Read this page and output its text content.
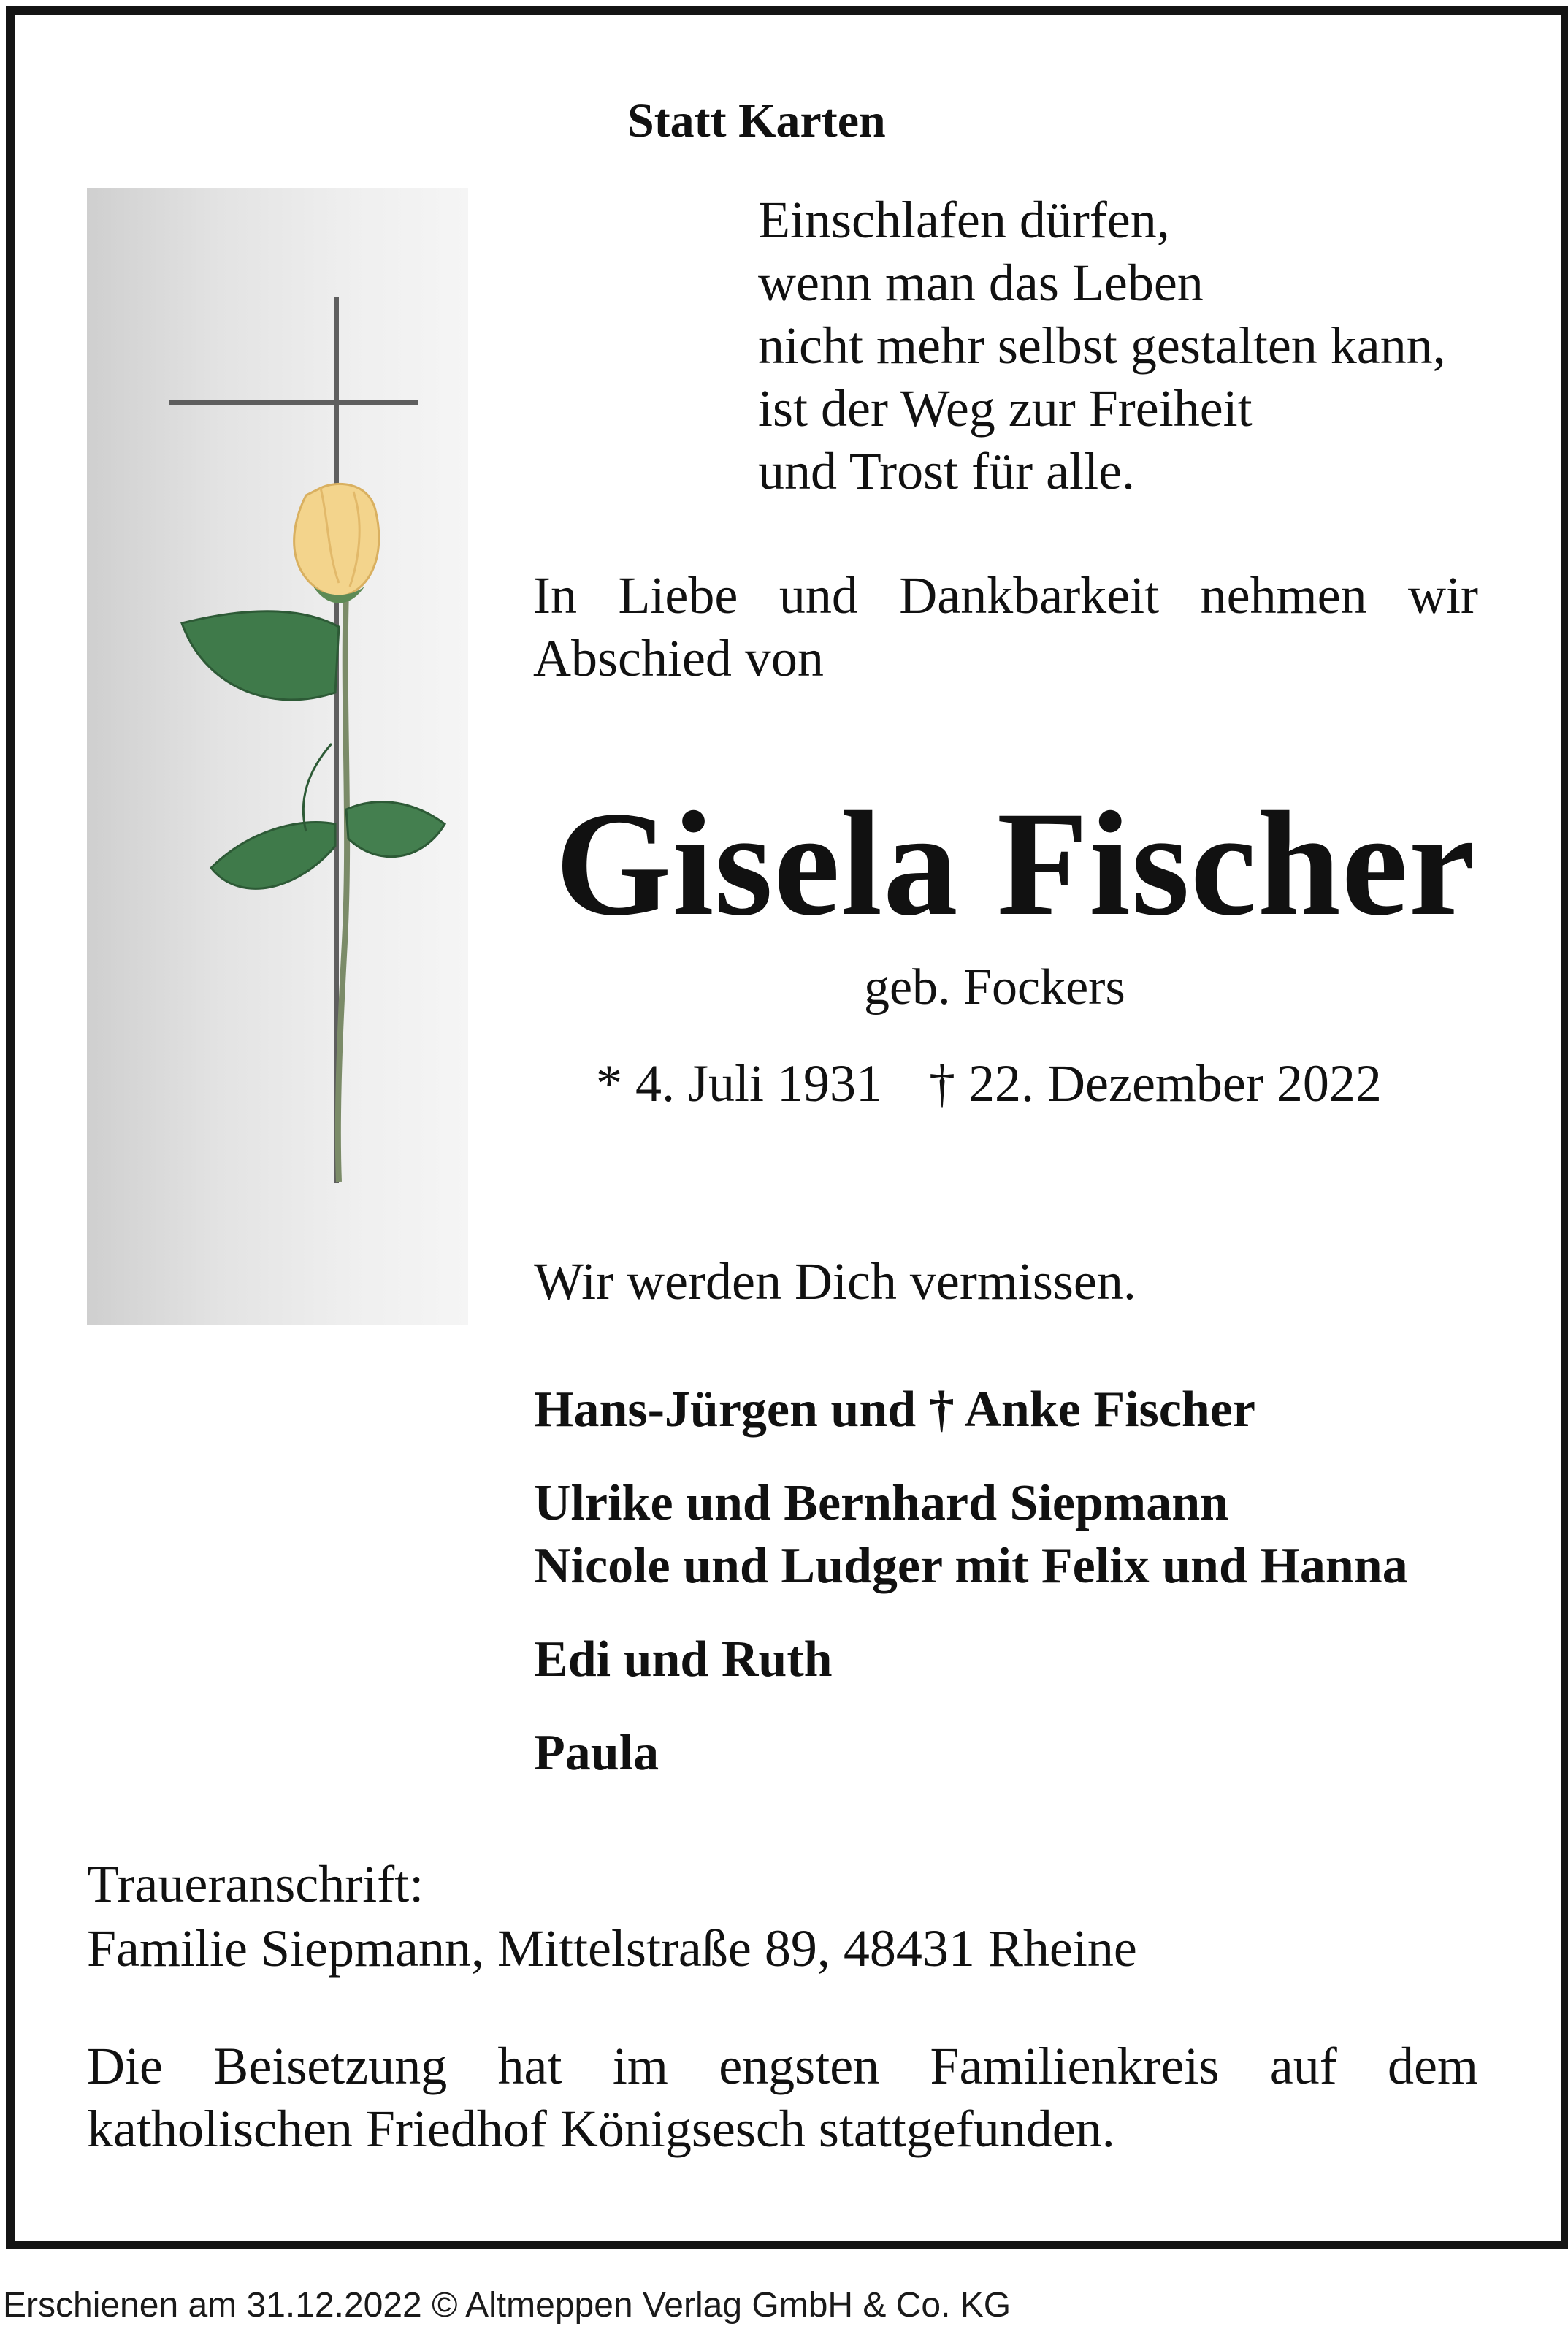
Statt Karten

Einschlafen dürfen,
wenn man das Leben
nicht mehr selbst gestalten kann,
ist der Weg zur Freiheit
und Trost für alle.
In Liebe und Dankbarkeit nehmen wir
Abschied von

Gisela Fischer

geb. Fockers

* 4. Juli 1931 † 22. Dezember 2022

Wir werden Dich vermissen.

Hans-Jürgen und † Anke Fischer

Ulrike und Bernhard Siepmann

Nicole und Ludger mit Felix und Hanna

Edi und Ruth

Paula

Traueranschrift:
Familie Siepmann, Mittelstraße 89, 48431 Rheine
Die Beisetzung hat im engsten Familienkreis auf dem
katholischen Friedhof Königsesch stattgefunden.

Erschienen am 31.12.2022 © Altmeppen Verlag GmbH & Co. KG
